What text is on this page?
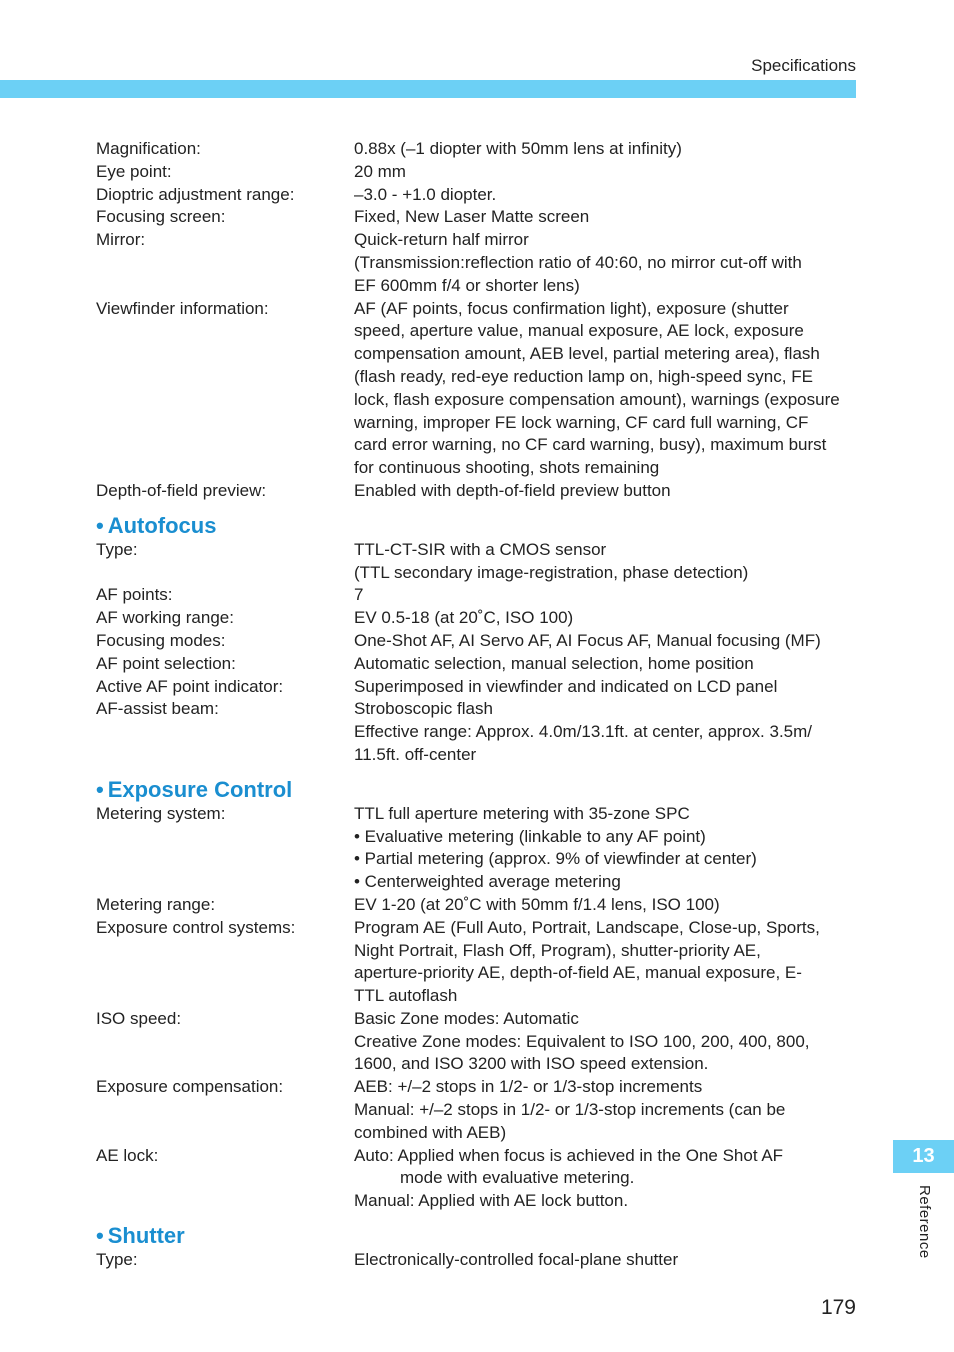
Specifications
Magnification:	0.88x (–1 diopter with 50mm lens at infinity)
Eye point:	20 mm
Dioptric adjustment range:	–3.0 - +1.0 diopter.
Focusing screen:	Fixed, New Laser Matte screen
Mirror:	Quick-return half mirror
(Transmission:reflection ratio of 40:60, no mirror cut-off with
EF 600mm f/4 or shorter lens)
Viewfinder information:	AF (AF points, focus confirmation light), exposure (shutter
speed, aperture value, manual exposure, AE lock, exposure
compensation amount, AEB level, partial metering area), flash
(flash ready, red-eye reduction lamp on, high-speed sync, FE
lock, flash exposure compensation amount), warnings (exposure
warning, improper FE lock warning, CF card full warning, CF
card error warning, no CF card warning, busy), maximum burst
for continuous shooting, shots remaining
Depth-of-field preview:	Enabled with depth-of-field preview button
• Autofocus
Type:	TTL-CT-SIR with a CMOS sensor
(TTL secondary image-registration, phase detection)
AF points:	7
AF working range:	EV 0.5-18 (at 20˚C, ISO 100)
Focusing modes:	One-Shot AF, AI Servo AF, AI Focus AF, Manual focusing (MF)
AF point selection:	Automatic selection, manual selection, home position
Active AF point indicator:	Superimposed in viewfinder and indicated on LCD panel
AF-assist beam:	Stroboscopic flash
Effective range: Approx. 4.0m/13.1ft. at center, approx. 3.5m/
11.5ft. off-center
• Exposure Control
Metering system:	TTL full aperture metering with 35-zone SPC
• Evaluative metering (linkable to any AF point)
• Partial metering (approx. 9% of viewfinder at center)
• Centerweighted average metering
Metering range:	EV 1-20 (at 20˚C with 50mm f/1.4 lens, ISO 100)
Exposure control systems:	Program AE (Full Auto, Portrait, Landscape, Close-up, Sports,
Night Portrait, Flash Off, Program), shutter-priority AE,
aperture-priority AE, depth-of-field AE, manual exposure, E-
TTL autoflash
ISO speed:	Basic Zone modes: Automatic
Creative Zone modes: Equivalent to ISO 100, 200, 400, 800,
1600, and ISO 3200 with ISO speed extension.
Exposure compensation:	AEB: +/–2 stops in 1/2- or 1/3-stop increments
Manual: +/–2 stops in 1/2- or 1/3-stop increments (can be
combined with AEB)
AE lock:	Auto: Applied when focus is achieved in the One Shot AF
mode with evaluative metering.
Manual: Applied with AE lock button.
• Shutter
Type:	Electronically-controlled focal-plane shutter
13
Reference
179
